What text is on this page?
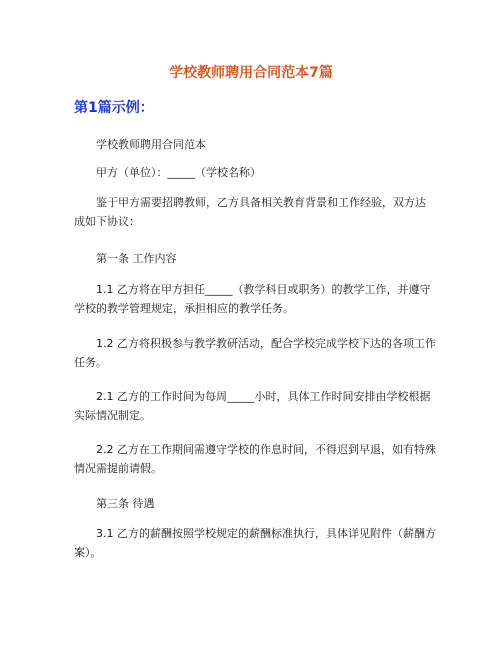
学校教师聘用合同范本7篇
第1篇示例：
学校教师聘用合同范本
甲方（单位）：_____（学校名称）
鉴于甲方需要招聘教师，乙方具备相关教育背景和工作经验，双方达成如下协议：
第一条 工作内容
1.1 乙方将在甲方担任_____（教学科目或职务）的教学工作，并遵守学校的教学管理规定，承担相应的教学任务。
1.2 乙方将积极参与教学教研活动，配合学校完成学校下达的各项工作任务。
2.1 乙方的工作时间为每周_____小时，具体工作时间安排由学校根据实际情况制定。
2.2 乙方在工作期间需遵守学校的作息时间，不得迟到早退，如有特殊情况需提前请假。
第三条 待遇
3.1 乙方的薪酬按照学校规定的薪酬标准执行，具体详见附件（薪酬方案）。
